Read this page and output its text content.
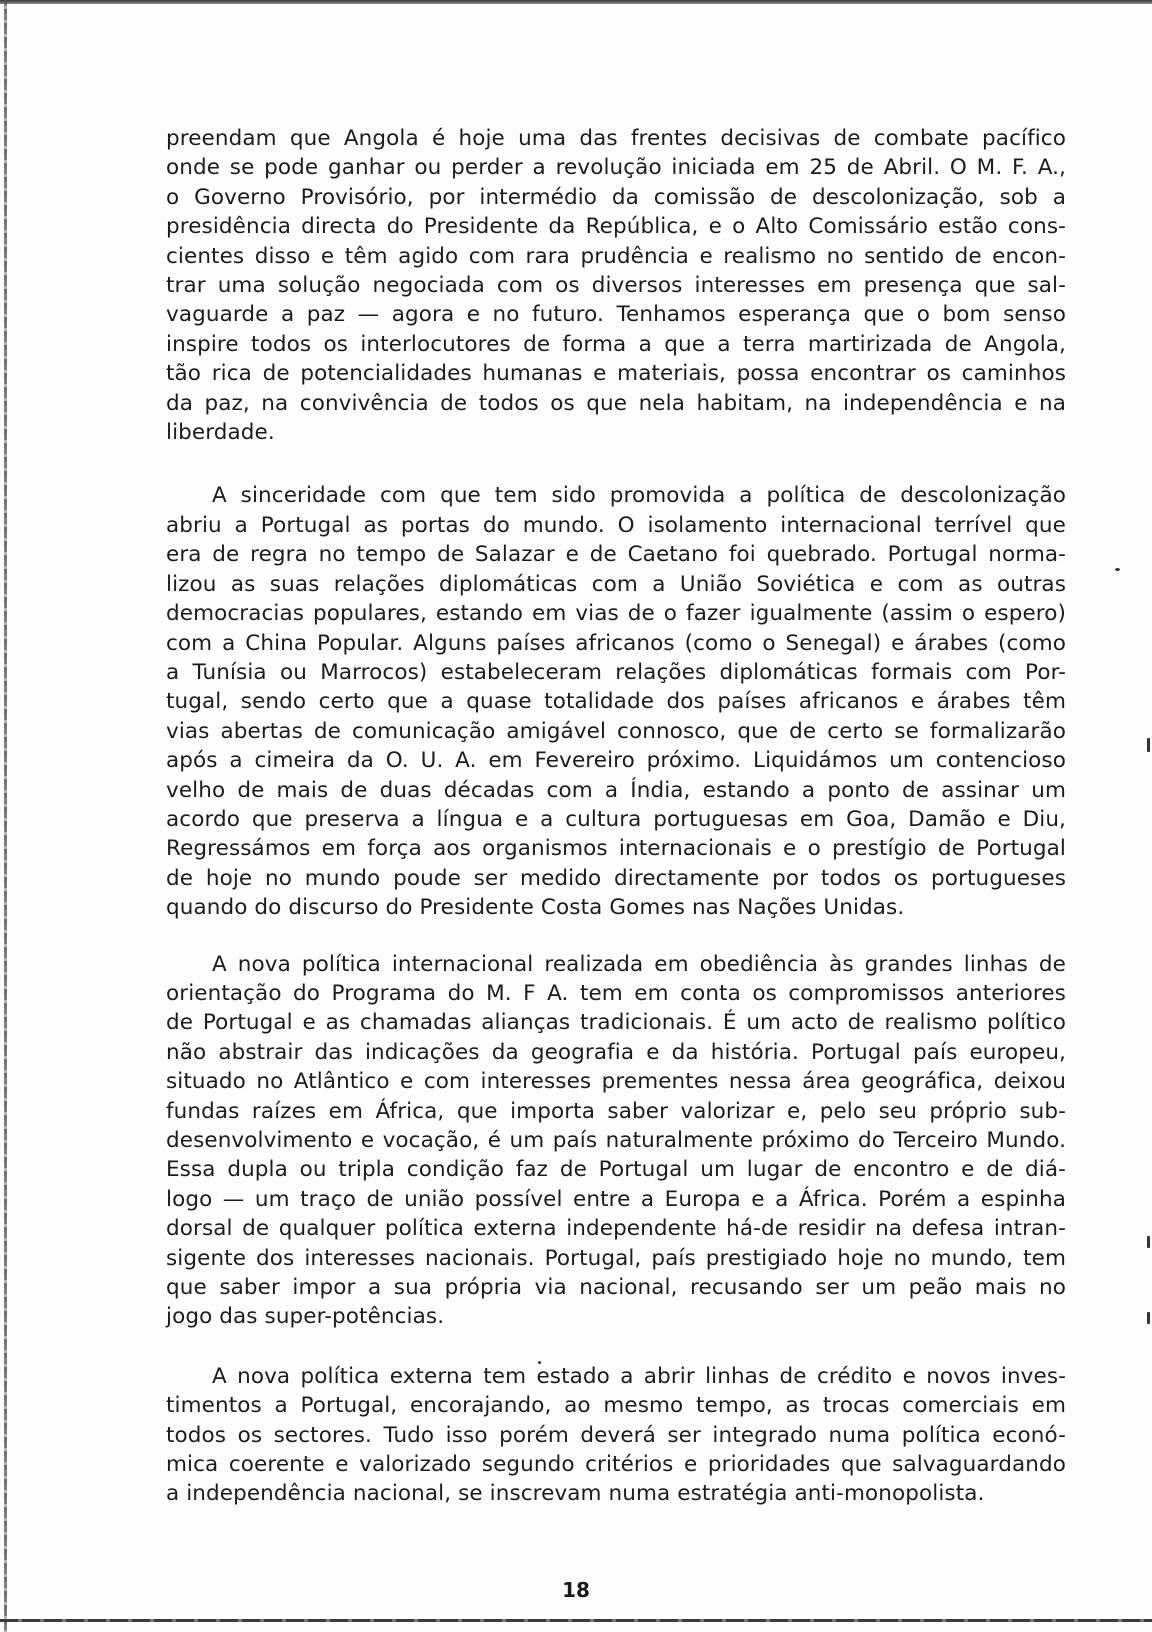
preendam que Angola é hoje uma das frentes decisivas de combate pacífico
onde se pode ganhar ou perder a revolução iniciada em 25 de Abril. O M. F. A.,
o Governo Provisório, por intermédio da comissão de descolonização, sob a
presidência directa do Presidente da República, e o Alto Comissário estão cons-
cientes disso e têm agido com rara prudência e realismo no sentido de encon-
trar uma solução negociada com os diversos interesses em presença que sal-
vaguarde a paz — agora e no futuro. Tenhamos esperança que o bom senso
inspire todos os interlocutores de forma a que a terra martirizada de Angola,
tão rica de potencialidades humanas e materiais, possa encontrar os caminhos
da paz, na convivência de todos os que nela habitam, na independência e na
liberdade.

A sinceridade com que tem sido promovida a política de descolonização
abriu a Portugal as portas do mundo. O isolamento internacional terrível que
era de regra no tempo de Salazar e de Caetano foi quebrado. Portugal norma-
lizou as suas relações diplomáticas com a União Soviética e com as outras
democracias populares, estando em vias de o fazer igualmente (assim o espero)
com a China Popular. Alguns países africanos (como o Senegal) e árabes (como
a Tunísia ou Marrocos) estabeleceram relações diplomáticas formais com Por-
tugal, sendo certo que a quase totalidade dos países africanos e árabes têm
vias abertas de comunicação amigável connosco, que de certo se formalizarão
após a cimeira da O. U. A. em Fevereiro próximo. Liquidámos um contencioso
velho de mais de duas décadas com a Índia, estando a ponto de assinar um
acordo que preserva a língua e a cultura portuguesas em Goa, Damão e Diu,
Regressámos em força aos organismos internacionais e o prestígio de Portugal
de hoje no mundo poude ser medido directamente por todos os portugueses
quando do discurso do Presidente Costa Gomes nas Nações Unidas.

A nova política internacional realizada em obediência às grandes linhas de
orientação do Programa do M. F A. tem em conta os compromissos anteriores
de Portugal e as chamadas alianças tradicionais. É um acto de realismo político
não abstrair das indicações da geografia e da história. Portugal país europeu,
situado no Atlântico e com interesses prementes nessa área geográfica, deixou
fundas raízes em África, que importa saber valorizar e, pelo seu próprio sub-
desenvolvimento e vocação, é um país naturalmente próximo do Terceiro Mundo.
Essa dupla ou tripla condição faz de Portugal um lugar de encontro e de diá-
logo — um traço de união possível entre a Europa e a África. Porém a espinha
dorsal de qualquer política externa independente há-de residir na defesa intran-
sigente dos interesses nacionais. Portugal, país prestigiado hoje no mundo, tem
que saber impor a sua própria via nacional, recusando ser um peão mais no
jogo das super-potências.

A nova política externa tem estado a abrir linhas de crédito e novos inves-
timentos a Portugal, encorajando, ao mesmo tempo, as trocas comerciais em
todos os sectores. Tudo isso porém deverá ser integrado numa política econó-
mica coerente e valorizado segundo critérios e prioridades que salvaguardando
a independência nacional, se inscrevam numa estratégia anti-monopolista.

18
